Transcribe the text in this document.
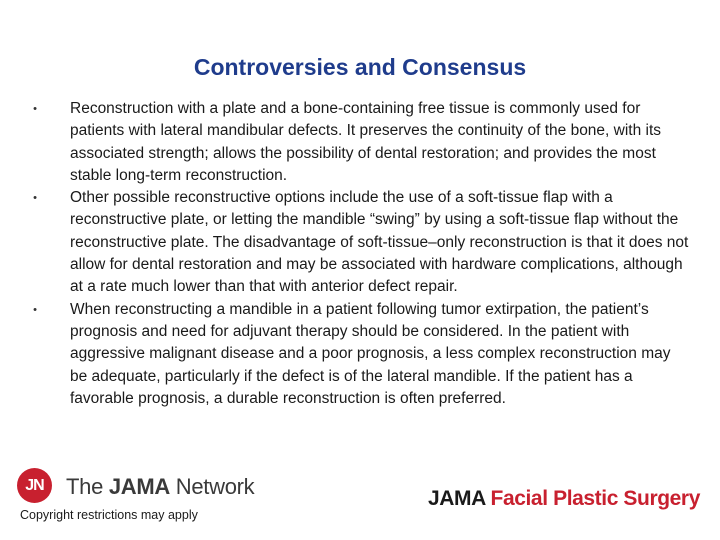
Controversies and Consensus
• Reconstruction with a plate and a bone-containing free tissue is commonly used for patients with lateral mandibular defects. It preserves the continuity of the bone, with its associated strength; allows the possibility of dental restoration; and provides the most stable long-term reconstruction.
• Other possible reconstructive options include the use of a soft-tissue flap with a reconstructive plate, or letting the mandible “swing” by using a soft-tissue flap without the reconstructive plate. The disadvantage of soft-tissue–only reconstruction is that it does not allow for dental restoration and may be associated with hardware complications, although at a rate much lower than that with anterior defect repair.
• When reconstructing a mandible in a patient following tumor extirpation, the patient’s prognosis and need for adjuvant therapy should be considered. In the patient with aggressive malignant disease and a poor prognosis, a less complex reconstruction may be adequate, particularly if the defect is of the lateral mandible. If the patient has a favorable prognosis, a durable reconstruction is often preferred.
JN	The JAMA Network
Copyright restrictions may apply
JAMA Facial Plastic Surgery
